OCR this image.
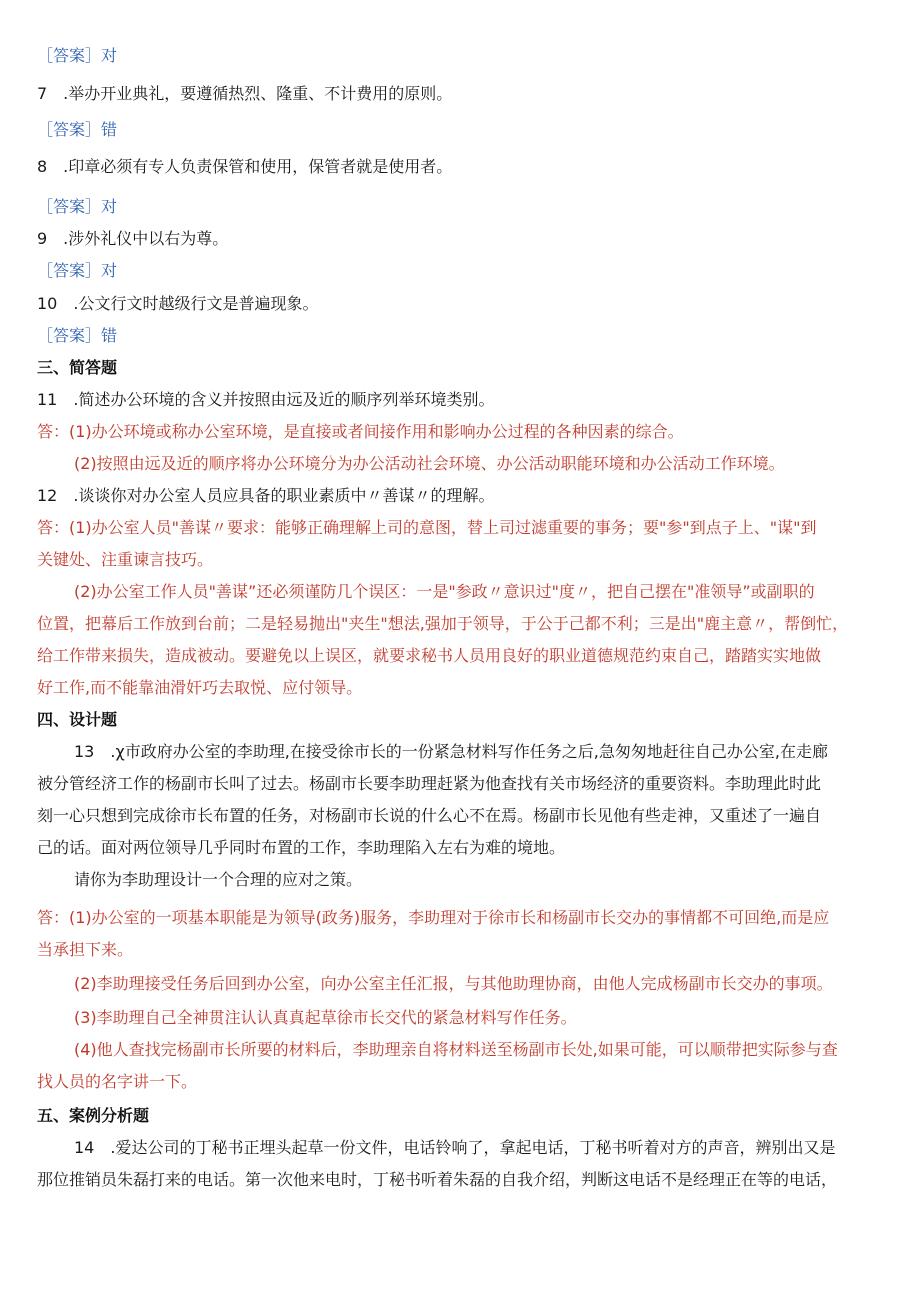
［答案］对
7　.举办开业典礼，要遵循热烈、隆重、不计费用的原则。
［答案］错
8　.印章必须有专人负责保管和使用，保管者就是使用者。
［答案］对
9　.涉外礼仪中以右为尊。
［答案］对
10　.公文行文时越级行文是普遍现象。
［答案］错
三、简答题
11　.简述办公环境的含义并按照由远及近的顺序列举环境类别。
答：(1)办公环境或称办公室环境，是直接或者间接作用和影响办公过程的各种因素的综合。
(2)按照由远及近的顺序将办公环境分为办公活动社会环境、办公活动职能环境和办公活动工作环境。
12　.谈谈你对办公室人员应具备的职业素质中〃善谋〃的理解。
答：(1)办公室人员"善谋〃要求：能够正确理解上司的意图，替上司过滤重要的事务；要"参"到点子上、"谋"到
关键处、注重谏言技巧。
(2)办公室工作人员"善谋”还必须谨防几个误区：一是"参政〃意识过"度〃，把自己摆在"准领导”或副职的
位置，把幕后工作放到台前；二是轻易抛出"夹生"想法,强加于领导，于公于己都不利；三是出"鹿主意〃，帮倒忙，
给工作带来损失，造成被动。要避免以上误区，就要求秘书人员用良好的职业道德规范约束自己，踏踏实实地做
好工作,而不能靠油滑奸巧去取悦、应付领导。
四、设计题
13　.χ市政府办公室的李助理,在接受徐市长的一份紧急材料写作任务之后,急匆匆地赶往自己办公室,在走廊
被分管经济工作的杨副市长叫了过去。杨副市长要李助理赶紧为他查找有关市场经济的重要资料。李助理此时此
刻一心只想到完成徐市长布置的任务，对杨副市长说的什么心不在焉。杨副市长见他有些走神，又重述了一遍自
己的话。面对两位领导几乎同时布置的工作，李助理陷入左右为难的境地。
请你为李助理设计一个合理的应对之策。
答：(1)办公室的一项基本职能是为领导(政务)服务，李助理对于徐市长和杨副市长交办的事情都不可回绝,而是应
当承担下来。
(2)李助理接受任务后回到办公室，向办公室主任汇报，与其他助理协商，由他人完成杨副市长交办的事项。
(3)李助理自己全神贯注认认真真起草徐市长交代的紧急材料写作任务。
(4)他人查找完杨副市长所要的材料后，李助理亲自将材料送至杨副市长处,如果可能，可以顺带把实际参与查
找人员的名字讲一下。
五、案例分析题
14　.爱达公司的丁秘书正埋头起草一份文件，电话铃响了，拿起电话，丁秘书听着对方的声音，辨别出又是
那位推销员朱磊打来的电话。第一次他来电时，丁秘书听着朱磊的自我介绍，判断这电话不是经理正在等的电话，
